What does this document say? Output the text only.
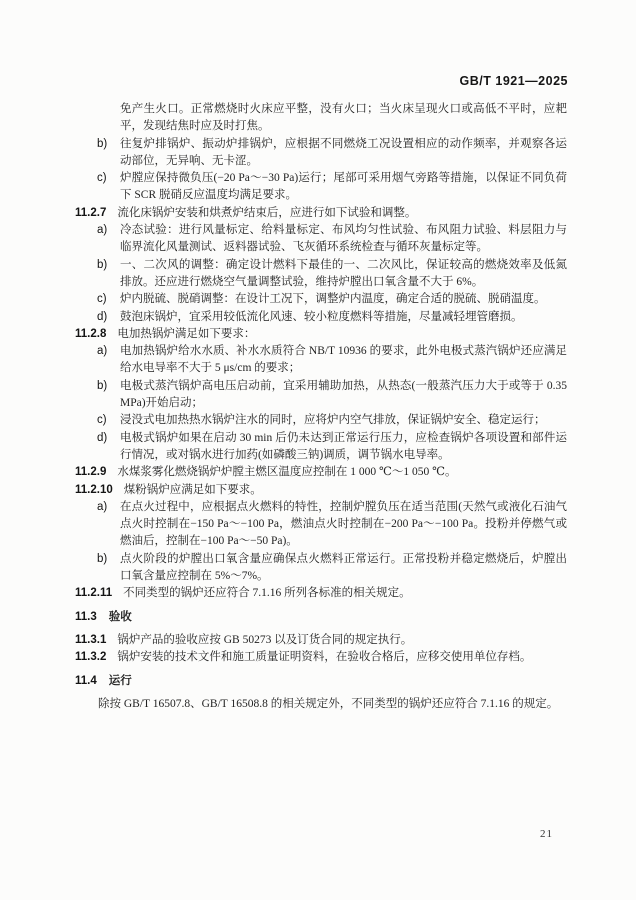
GB/T 1921—2025
免产生火口。正常燃烧时火床应平整，没有火口；当火床呈现火口或高低不平时，应耙平，发现结焦时应及时打焦。
b) 往复炉排锅炉、振动炉排锅炉，应根据不同燃烧工况设置相应的动作频率，并观察各运动部位，无异响、无卡涩。
c) 炉膛应保持微负压(−20 Pa～−30 Pa)运行；尾部可采用烟气旁路等措施，以保证不同负荷下 SCR 脱硝反应温度均满足要求。
11.2.7 流化床锅炉安装和烘煮炉结束后，应进行如下试验和调整。
a) 冷态试验：进行风量标定、给料量标定、布风均匀性试验、布风阻力试验、料层阻力与临界流化风量测试、返料器试验、飞灰循环系统检查与循环灰量标定等。
b) 一、二次风的调整：确定设计燃料下最佳的一、二次风比，保证较高的燃烧效率及低氮排放。还应进行燃烧空气量调整试验，维持炉膛出口氧含量不大于 6%。
c) 炉内脱硫、脱硝调整：在设计工况下，调整炉内温度，确定合适的脱硫、脱硝温度。
d) 鼓泡床锅炉，宜采用较低流化风速、较小粒度燃料等措施，尽量减轻埋管磨损。
11.2.8 电加热锅炉满足如下要求：
a) 电加热锅炉给水水质、补水水质符合 NB/T 10936 的要求，此外电极式蒸汽锅炉还应满足给水电导率不大于 5 μs/cm 的要求；
b) 电极式蒸汽锅炉高电压启动前，宜采用辅助加热，从热态(一般蒸汽压力大于或等于 0.35 MPa)开始启动；
c) 浸没式电加热热水锅炉注水的同时，应将炉内空气排放，保证锅炉安全、稳定运行；
d) 电极式锅炉如果在启动 30 min 后仍未达到正常运行压力，应检查锅炉各项设置和部件运行情况，或对锅水进行加药(如磷酸三钠)调质，调节锅水电导率。
11.2.9 水煤浆雾化燃烧锅炉炉膛主燃区温度应控制在 1 000 ℃～1 050 ℃。
11.2.10 煤粉锅炉应满足如下要求。
a) 在点火过程中，应根据点火燃料的特性，控制炉膛负压在适当范围(天然气或液化石油气点火时控制在−150 Pa～−100 Pa，燃油点火时控制在−200 Pa～−100 Pa。投粉并停燃气或燃油后，控制在−100 Pa～−50 Pa)。
b) 点火阶段的炉膛出口氧含量应确保点火燃料正常运行。正常投粉并稳定燃烧后，炉膛出口氧含量应控制在 5%～7%。
11.2.11 不同类型的锅炉还应符合 7.1.16 所列各标准的相关规定。
11.3 验收
11.3.1 锅炉产品的验收应按 GB 50273 以及订货合同的规定执行。
11.3.2 锅炉安装的技术文件和施工质量证明资料，在验收合格后，应移交使用单位存档。
11.4 运行
除按 GB/T 16507.8、GB/T 16508.8 的相关规定外，不同类型的锅炉还应符合 7.1.16 的规定。
21
